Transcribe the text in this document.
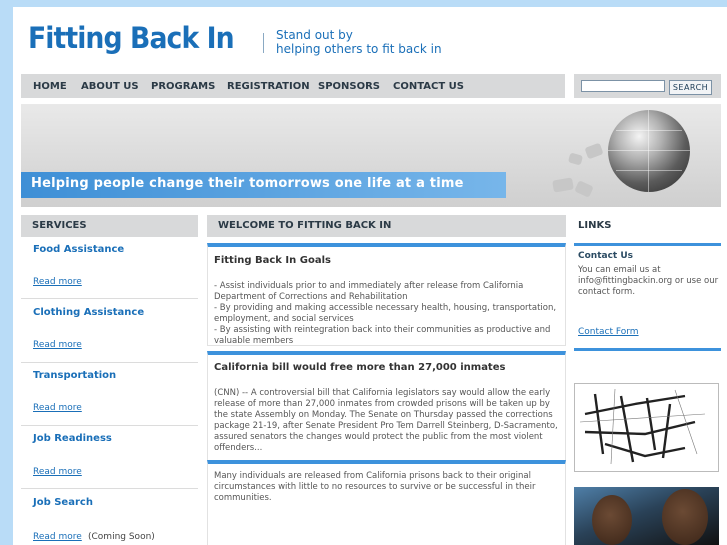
Fitting Back In	Stand out by
helping others to fit back in
HOME ABOUT US PROGRAMS REGISTRATION SPONSORS CONTACT US	SEARCH
Helping people change their tomorrows one life at a time
SERVICES	WELCOME TO FITTING BACK IN	LINKS
Food Assistance
Read more
Clothing Assistance
Read more
Transportation
Read more
Job Readiness
Read more
Job Search
Read more (Coming Soon)
Fitting Back In Goals
- Assist individuals prior to and immediately after release from California Department of Corrections and Rehabilitation
- By providing and making accessible necessary health, housing, transportation, employment, and social services
- By assisting with reintegration back into their communities as productive and valuable members
California bill would free more than 27,000 inmates
(CNN) -- A controversial bill that California legislators say would allow the early release of more than 27,000 inmates from crowded prisons will be taken up by the state Assembly on Monday. The Senate on Thursday passed the corrections package 21-19, after Senate President Pro Tem Darrell Steinberg, D-Sacramento, assured senators the changes would protect the public from the most violent offenders...
Many individuals are released from California prisons back to their original circumstances with little to no resources to survive or be successful in their communities.
Contact Us
You can email us at info@fittingbackin.org or use our contact form.
Contact Form
